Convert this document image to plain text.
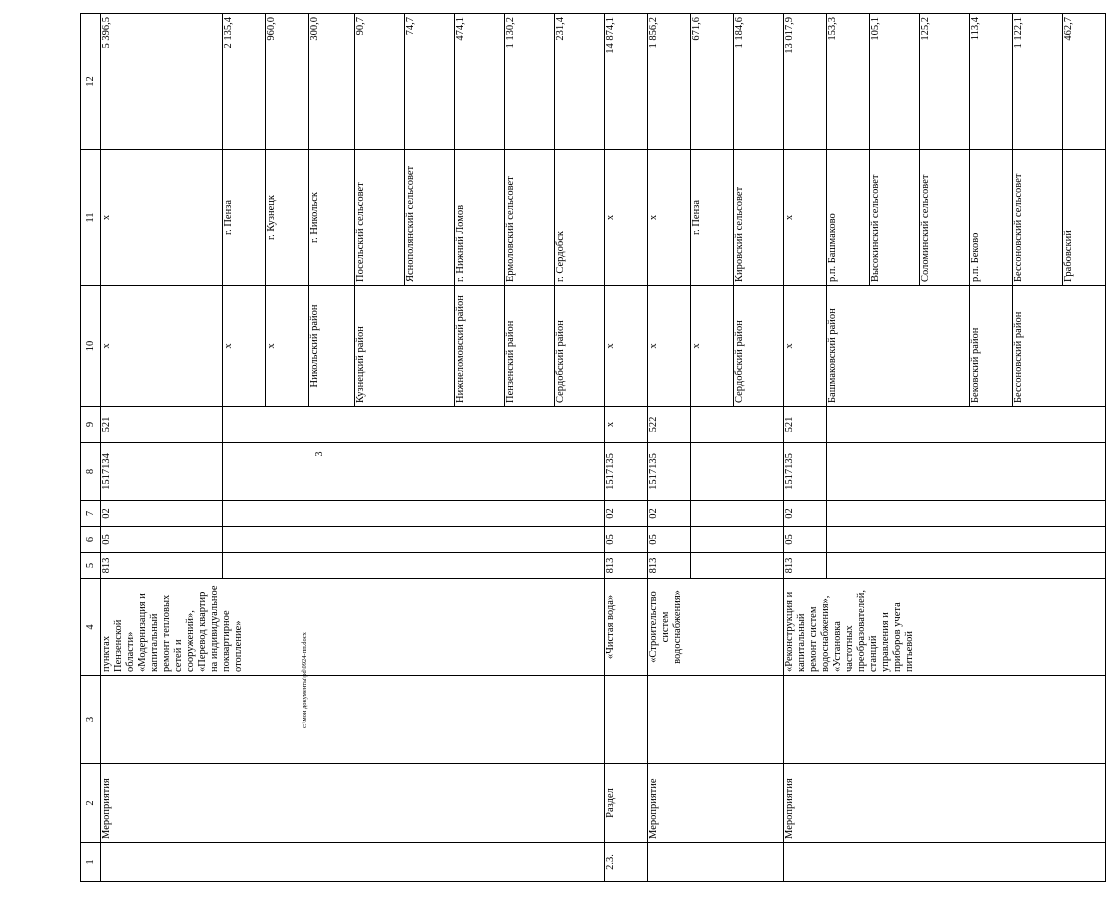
3
1	2	3	4	5	6	7	8	9	10	11	12
	Мероприятия		пунктах Пензенской области» «Модернизация и капитальный ремонт тепловых сетей и сооружений», «Перевод квартир на индивидуальное поквартирное отопление»	813	05	02	1517134	521	x	x	5 396,5
									x	г. Пенза	2 135,4
									x	г. Кузнецк	960,0
									Никольский район	г. Никольск	300,0
									Кузнецкий район	Посельский сельсовет	90,7
										Яснополянский сельсовет	74,7
									Нижнеломовский район	г. Нижний Ломов	474,1
									Пензенский район	Ермоловский сельсовет	1 130,2
									Сердобский район	г. Сердобск	231,4
2.3.	Раздел		«Чистая вода»	813	05	02	1517135	x	x	x	14 874,1
	Мероприятие		«Строительство систем водоснабжения»	813	05	02	1517135	522	x	x	1 856,2
									x	г. Пенза	671,6
									Сердобский район	Кировский сельсовет	1 184,6
	Мероприятия		«Реконструкция и капитальный ремонт систем водоснабжения», «Установка частотных преобразователей, станций управления и приборов учета питьевой	813	05	02	1517135	521	x	x	13 017,9
									Башмаковский район	р.п. Башмаково	153,3
										Высокинский сельсовет	105,1
										Соломинский сельсовет	125,2
									Бековский район	р.п. Беково	113,4
									Бессоновский район	Бессоновский сельсовет	1 122,1
										Грабовский	462,7
c:\мои документы\pd\0924-пп.docx
